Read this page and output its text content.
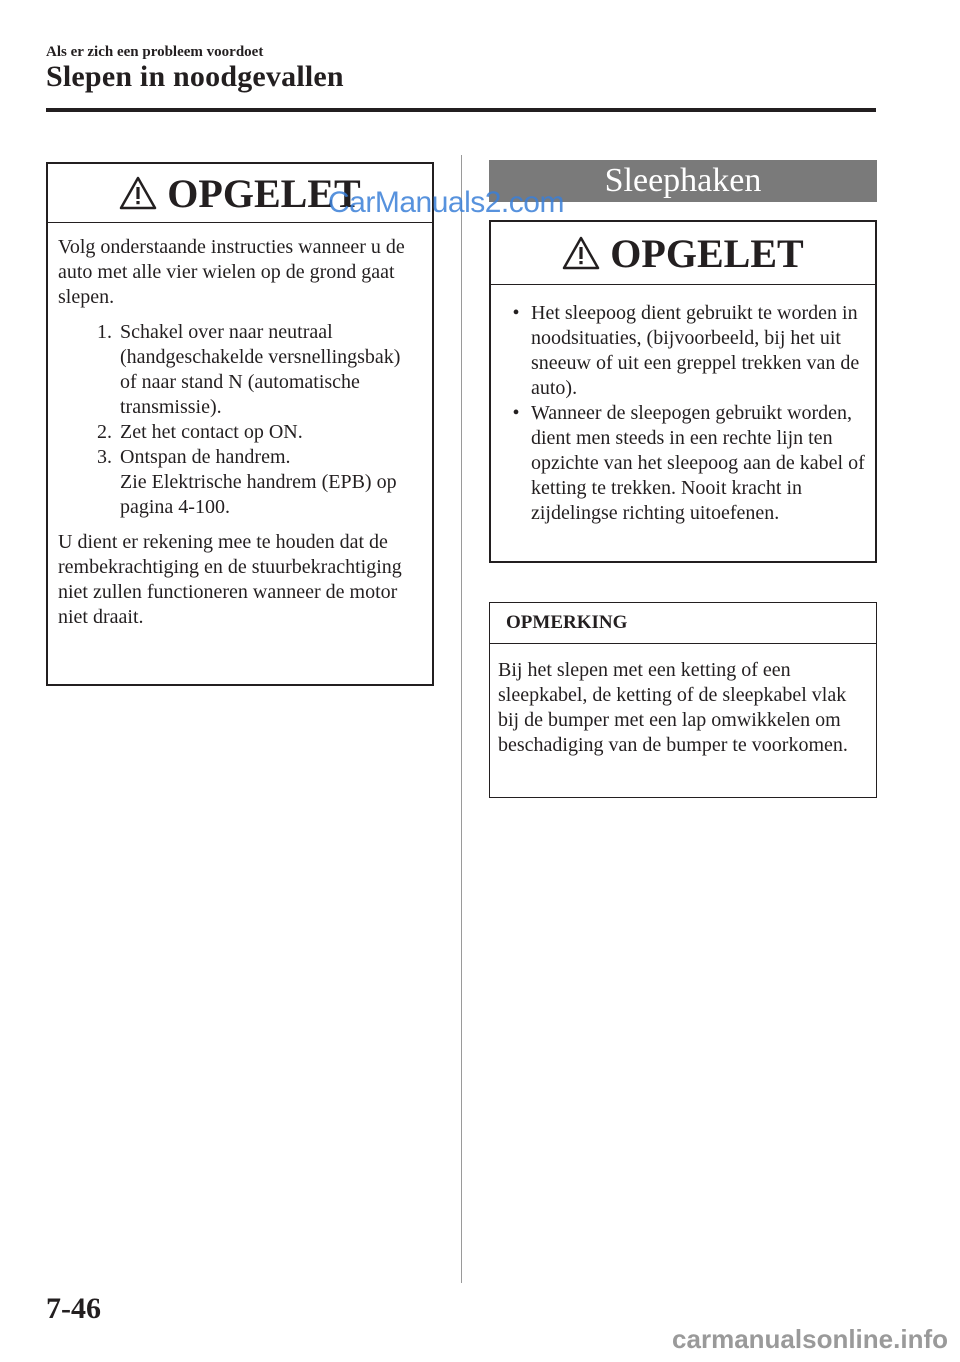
Als er zich een probleem voordoet
Slepen in noodgevallen
OPGELET

Volg onderstaande instructies wanneer u de auto met alle vier wielen op de grond gaat slepen.

1. Schakel over naar neutraal (handgeschakelde versnellingsbak) of naar stand N (automatische transmissie).
2. Zet het contact op ON.
3. Ontspan de handrem.
Zie Elektrische handrem (EPB) op pagina 4-100.

U dient er rekening mee te houden dat de rembekrachtiging en de stuurbekrachtiging niet zullen functioneren wanneer de motor niet draait.

Sleephaken
OPGELET
• Het sleepoog dient gebruikt te worden in noodsituaties, (bijvoorbeeld, bij het uit sneeuw of uit een greppel trekken van de auto).
• Wanneer de sleepogen gebruikt worden, dient men steeds in een rechte lijn ten opzichte van het sleepoog aan de kabel of ketting te trekken. Nooit kracht in zijdelingse richting uitoefenen.
OPMERKING
Bij het slepen met een ketting of een sleepkabel, de ketting of de sleepkabel vlak bij de bumper met een lap omwikkelen om beschadiging van de bumper te voorkomen.
CarManuals2.com
7-46
carmanualsonline.info
